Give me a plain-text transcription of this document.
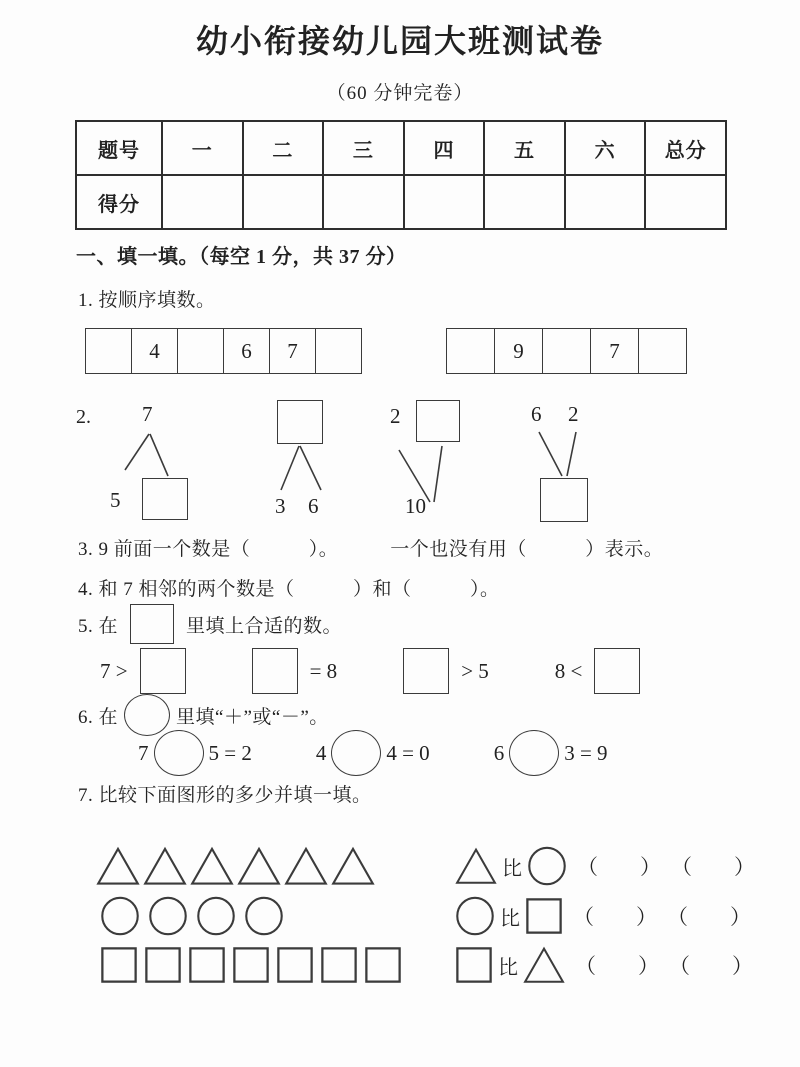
幼小衔接幼儿园大班测试卷
（60 分钟完卷）
题号	一	二	三	四	五	六	总分
得分							
一、填一填。（每空 1 分，共 37 分）
1. 按顺序填数。
4	6	7	9	7
2. 7
5	3 6
2
10
6 2
3. 9 前面一个数是（　　　）。	一个也没有用（　　　）表示。
4. 和 7 相邻的两个数是（　　　）和（　　　）。
5. 在	里填上合适的数。
7 >	= 8	> 5	8 <
6. 在	里填“＋”或“－”。
7	5 = 2	4	4 = 0	6	3 = 9
7. 比较下面图形的多少并填一填。
比	（　　） （　　）
比	（　　） （　　）
比	（　　） （　　）
